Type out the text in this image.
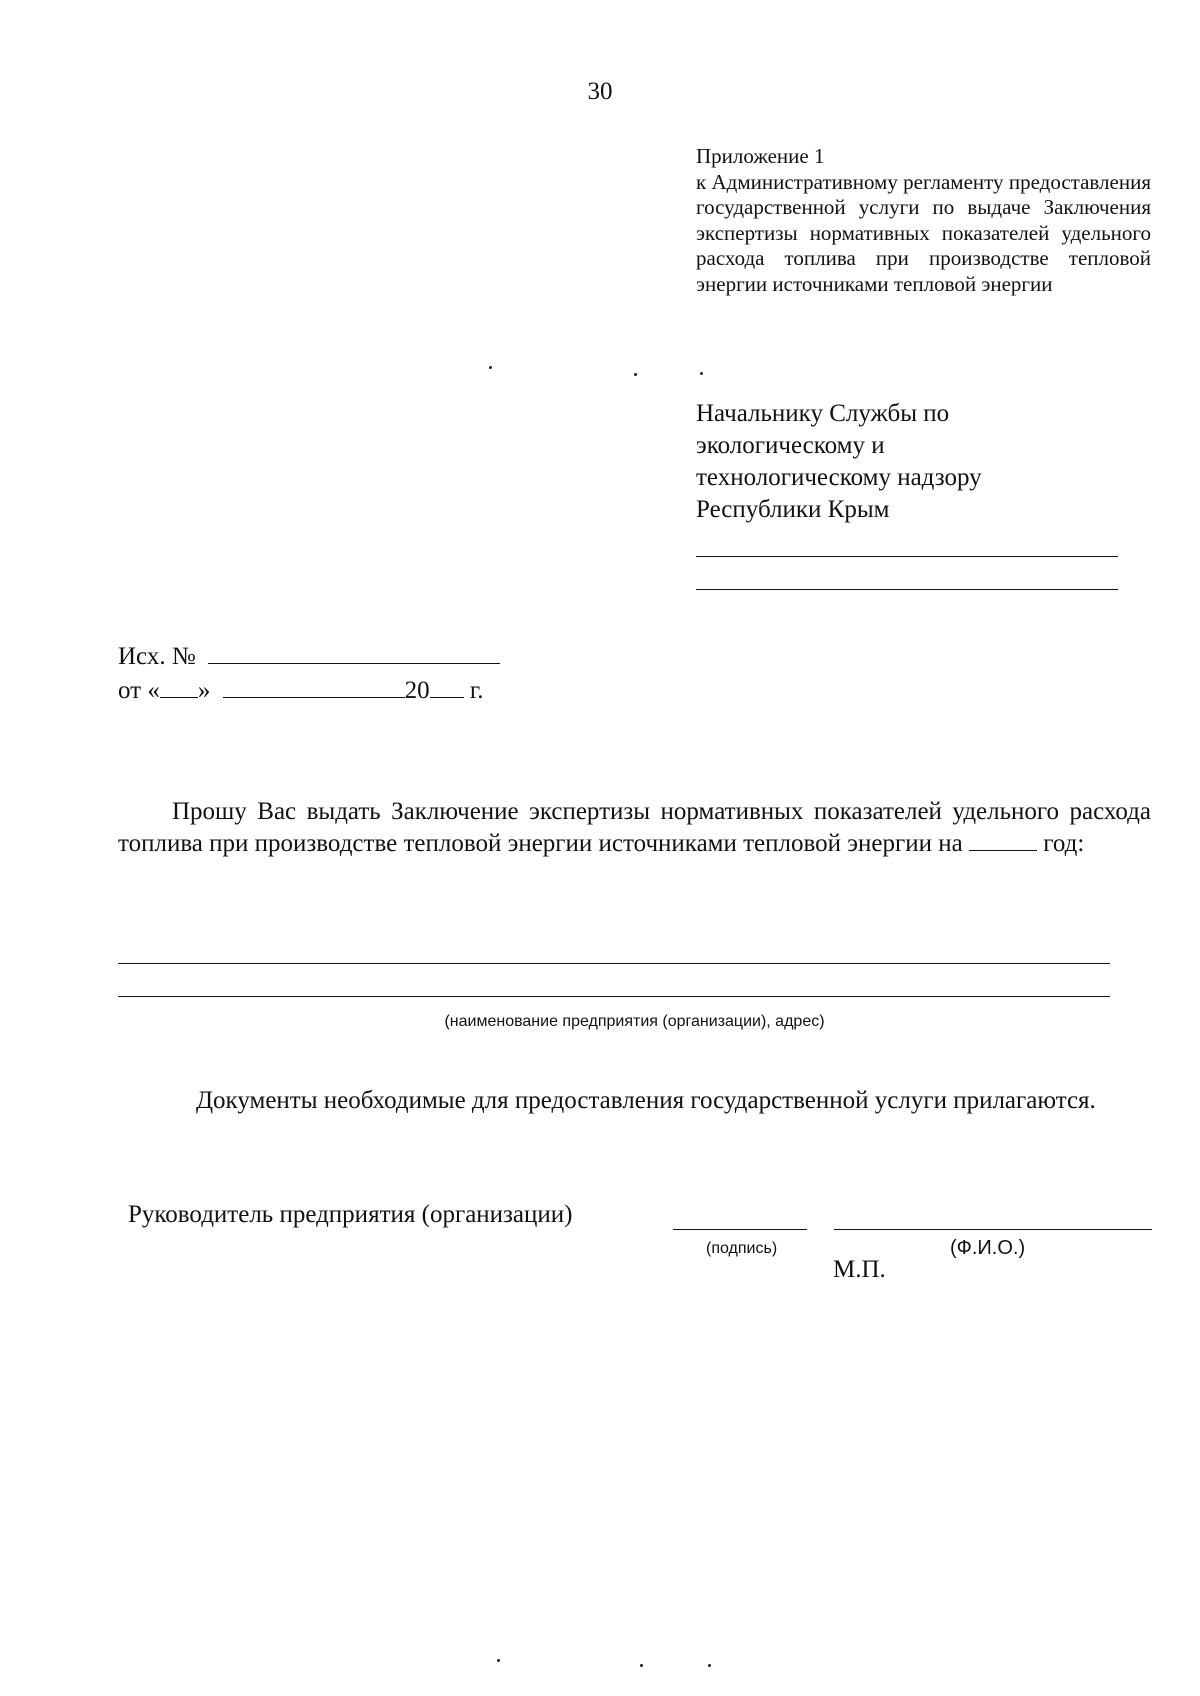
30
Приложение 1
к Административному регламенту предоставления государственной услуги по выдаче Заключения экспертизы нормативных показателей удельного расхода топлива при производстве тепловой энергии источниками тепловой энергии
Начальнику Службы по
экологическому и
технологическому надзору
Республики Крым
Исх. №
от « »	20 г.
Прошу Вас выдать Заключение экспертизы нормативных показателей удельного расхода топлива при производстве тепловой энергии источниками тепловой энергии на	год:
(наименование предприятия (организации), адрес)
Документы необходимые для предоставления государственной услуги прилагаются.
Руководитель предприятия (организации)
(подпись)	(Ф.И.О.)
М.П.
